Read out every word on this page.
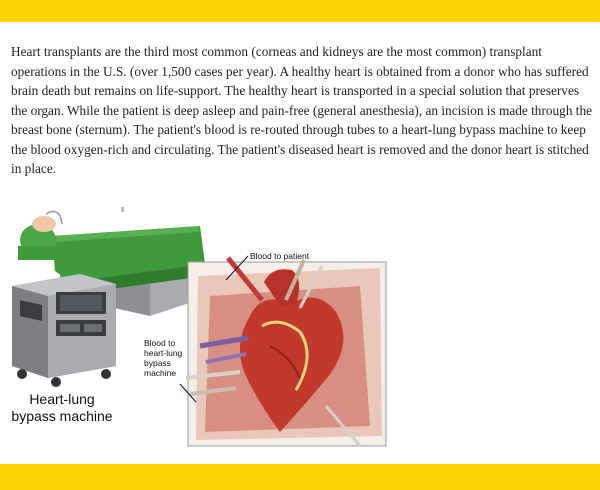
Heart transplants are the third most common (corneas and kidneys are the most common) transplant operations in the U.S. (over 1,500 cases per year). A healthy heart is obtained from a donor who has suffered brain death but remains on life-support. The healthy heart is transported in a special solution that preserves the organ. While the patient is deep asleep and pain-free (general anesthesia), an incision is made through the breast bone (sternum). The patient's blood is re-routed through tubes to a heart-lung bypass machine to keep the blood oxygen-rich and circulating. The patient's diseased heart is removed and the donor heart is stitched in place.

Heart-lung
bypass machine
Blood to patient
Blood to
heart-lung
bypass
machine
